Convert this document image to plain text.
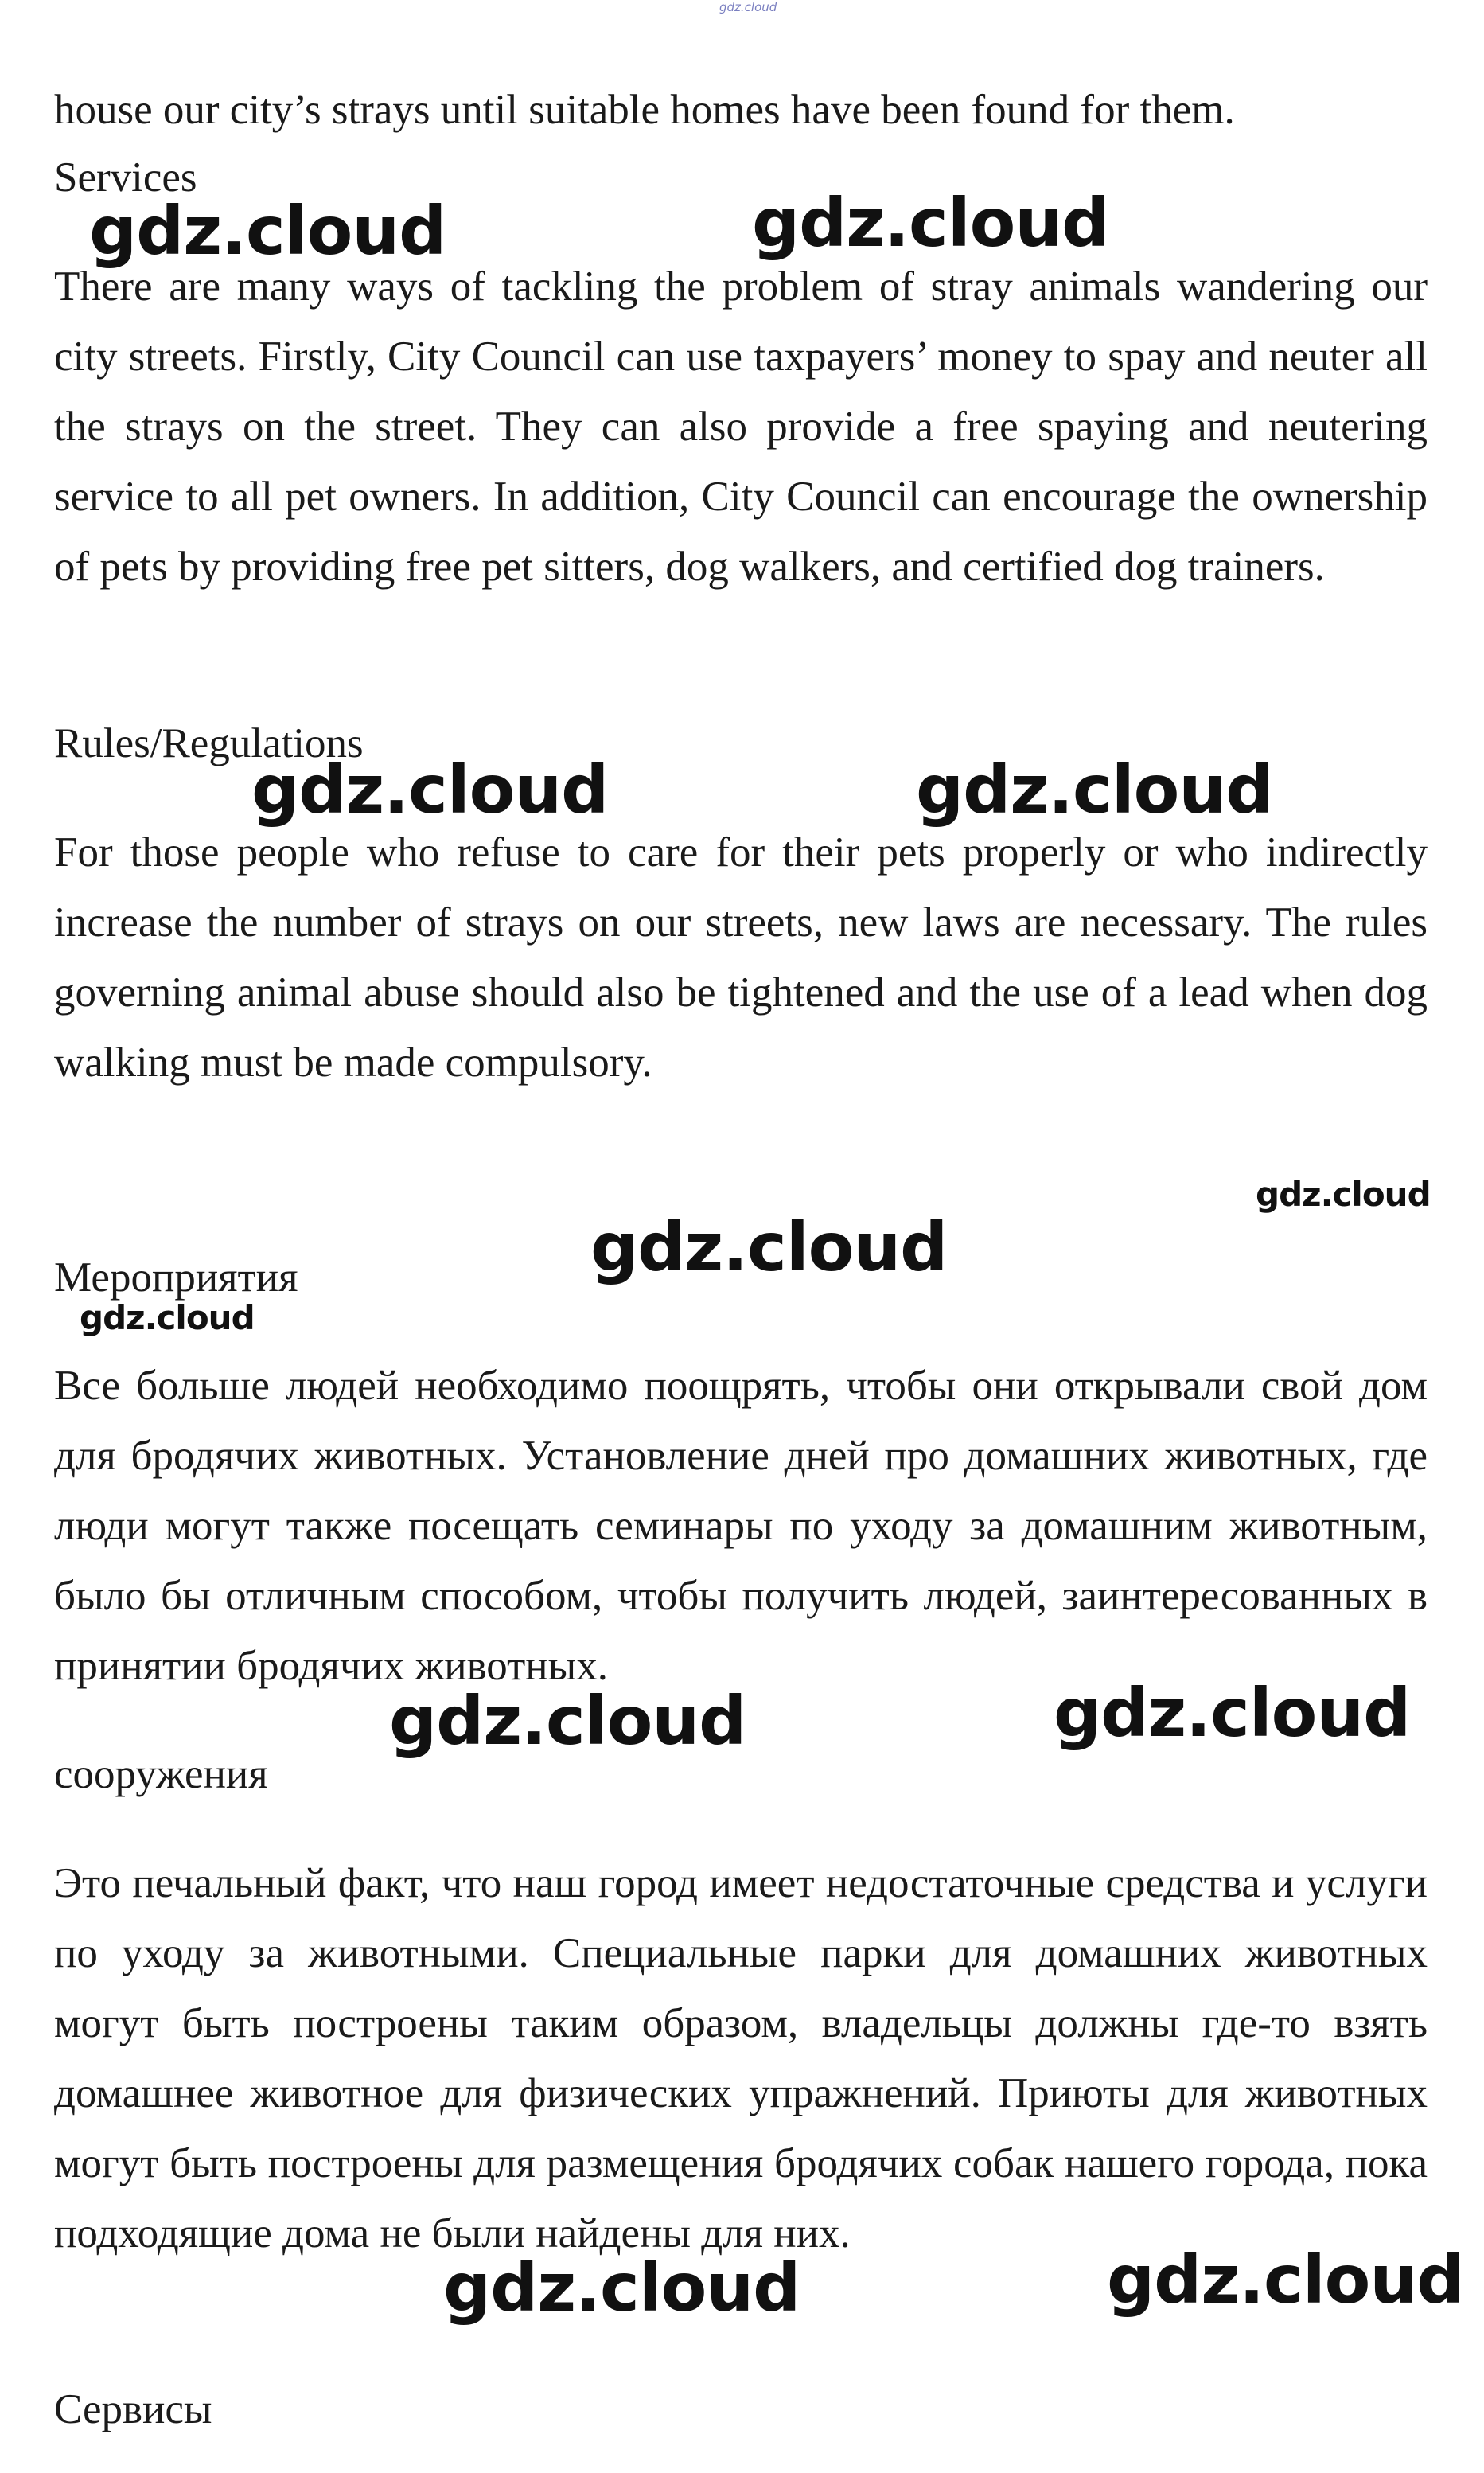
gdz.cloud

house our city’s strays until suitable homes have been found for them.

Services

There are many ways of tackling the problem of stray animals wandering our city streets. Firstly, City Council can use taxpayers’ money to spay and neuter all the strays on the street. They can also provide a free spaying and neutering service to all pet owners. In addition, City Council can encourage the ownership of pets by providing free pet sitters, dog walkers, and certified dog trainers.

Rules/Regulations

For those people who refuse to care for their pets properly or who indirectly increase the number of strays on our streets, new laws are necessary. The rules governing animal abuse should also be tightened and the use of a lead when dog walking must be made compulsory.

Мероприятия

Все больше людей необходимо поощрять, чтобы они открывали свой дом для бродячих животных. Установление дней про домашних животных, где люди могут также посещать семинары по уходу за домашним животным, было бы отличным способом, чтобы получить людей, заинтересованных в принятии бродячих животных.

сооружения

Это печальный факт, что наш город имеет недостаточные средства и услуги по уходу за животными. Специальные парки для домашних животных могут быть построены таким образом, владельцы должны где-то взять домашнее животное для физических упражнений. Приюты для животных могут быть построены для размещения бродячих собак нашего города, пока подходящие дома не были найдены для них.

Сервисы
gdz.cloud	gdz.cloud
gdz.cloud	gdz.cloud
gdz.cloud
gdz.cloud
gdz.cloud
gdz.cloud	gdz.cloud
gdz.cloud	gdz.cloud
